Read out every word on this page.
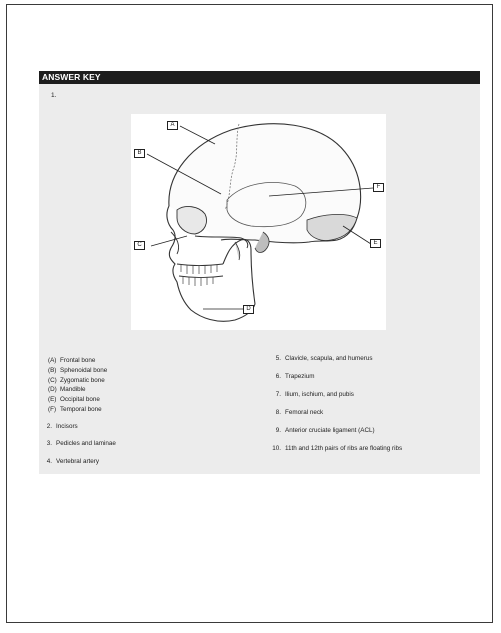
ANSWER KEY
1.
A
B
C
D
E
F
(A) Frontal bone
(B) Sphenoidal bone
(C) Zygomatic bone
(D) Mandible
(E) Occipital bone
(F) Temporal bone
2. Incisors
3. Pedicles and laminae
4. Vertebral artery
5. Clavicle, scapula, and humerus
6. Trapezium
7. Ilium, ischium, and pubis
8. Femoral neck
9. Anterior cruciate ligament (ACL)
10. 11th and 12th pairs of ribs are floating ribs
